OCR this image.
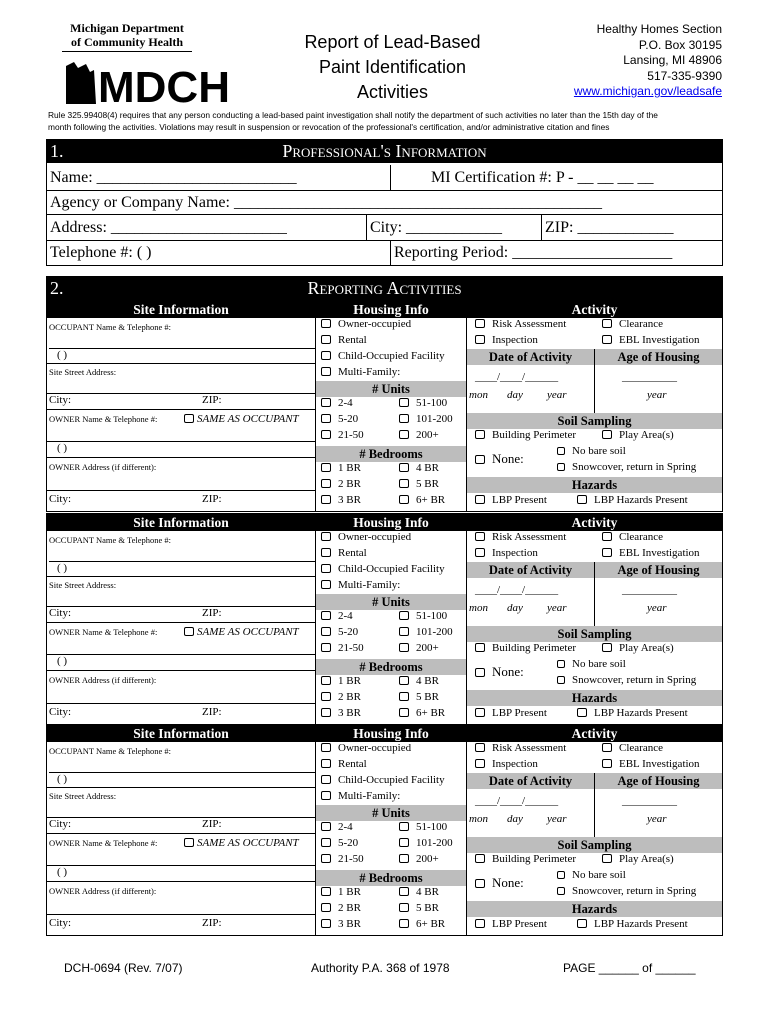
Michigan Department
of Community Health
MDCH
Report of Lead-Based
Paint Identification
Activities
Healthy Homes Section
P.O. Box 30195
Lansing, MI 48906
517-335-9390
www.michigan.gov/leadsafe
Rule 325.99408(4) requires that any person conducting a lead-based paint investigation shall notify the department of such activities no later than the 15th day of the
month following the activities. Violations may result in suspension or revocation of the professional's certification, and/or administrative citation and fines
1.	Professional's Information
Name: _________________________	MI Certification #: P - __ __ __ __
Agency or Company Name: ______________________________________________
Address: ______________________	City: ____________	ZIP: ____________
Telephone #: ( )	Reporting Period: ____________________
2.	Reporting Activities
Site Information
OCCUPANT Name & Telephone #:
( )
Site Street Address:
City:	ZIP:
OWNER Name & Telephone #:	SAME AS OCCUPANT
( )
OWNER Address (if different):
City:	ZIP:
Housing Info
Owner-occupied
Rental
Child-Occupied Facility
Multi-Family:
# Units
2-4	51-100
5-20	101-200
21-50	200+
# Bedrooms
1 BR	4 BR
2 BR	5 BR
3 BR	6+ BR
Activity
Risk Assessment	Clearance
Inspection	EBL Investigation
Date of Activity	Age of Housing
____/____/______	__________
mon day year	year
Soil Sampling
Building Perimeter	Play Area(s)
None:	No bare soil
Snowcover, return in Spring
Hazards
LBP Present	LBP Hazards Present
Site Information
OCCUPANT Name & Telephone #:
( )
Site Street Address:
City:	ZIP:
OWNER Name & Telephone #:	SAME AS OCCUPANT
( )
OWNER Address (if different):
City:	ZIP:
Housing Info
Owner-occupied
Rental
Child-Occupied Facility
Multi-Family:
# Units
2-4	51-100
5-20	101-200
21-50	200+
# Bedrooms
1 BR	4 BR
2 BR	5 BR
3 BR	6+ BR
Activity
Risk Assessment	Clearance
Inspection	EBL Investigation
Date of Activity	Age of Housing
____/____/______	__________
mon day year	year
Soil Sampling
Building Perimeter	Play Area(s)
None:	No bare soil
Snowcover, return in Spring
Hazards
LBP Present	LBP Hazards Present
Site Information
OCCUPANT Name & Telephone #:
( )
Site Street Address:
City:	ZIP:
OWNER Name & Telephone #:	SAME AS OCCUPANT
( )
OWNER Address (if different):
City:	ZIP:
Housing Info
Owner-occupied
Rental
Child-Occupied Facility
Multi-Family:
# Units
2-4	51-100
5-20	101-200
21-50	200+
# Bedrooms
1 BR	4 BR
2 BR	5 BR
3 BR	6+ BR
Activity
Risk Assessment	Clearance
Inspection	EBL Investigation
Date of Activity	Age of Housing
____/____/______	__________
mon day year	year
Soil Sampling
Building Perimeter	Play Area(s)
None:	No bare soil
Snowcover, return in Spring
Hazards
LBP Present	LBP Hazards Present
DCH-0694 (Rev. 7/07)	Authority P.A. 368 of 1978	PAGE ______ of ______
